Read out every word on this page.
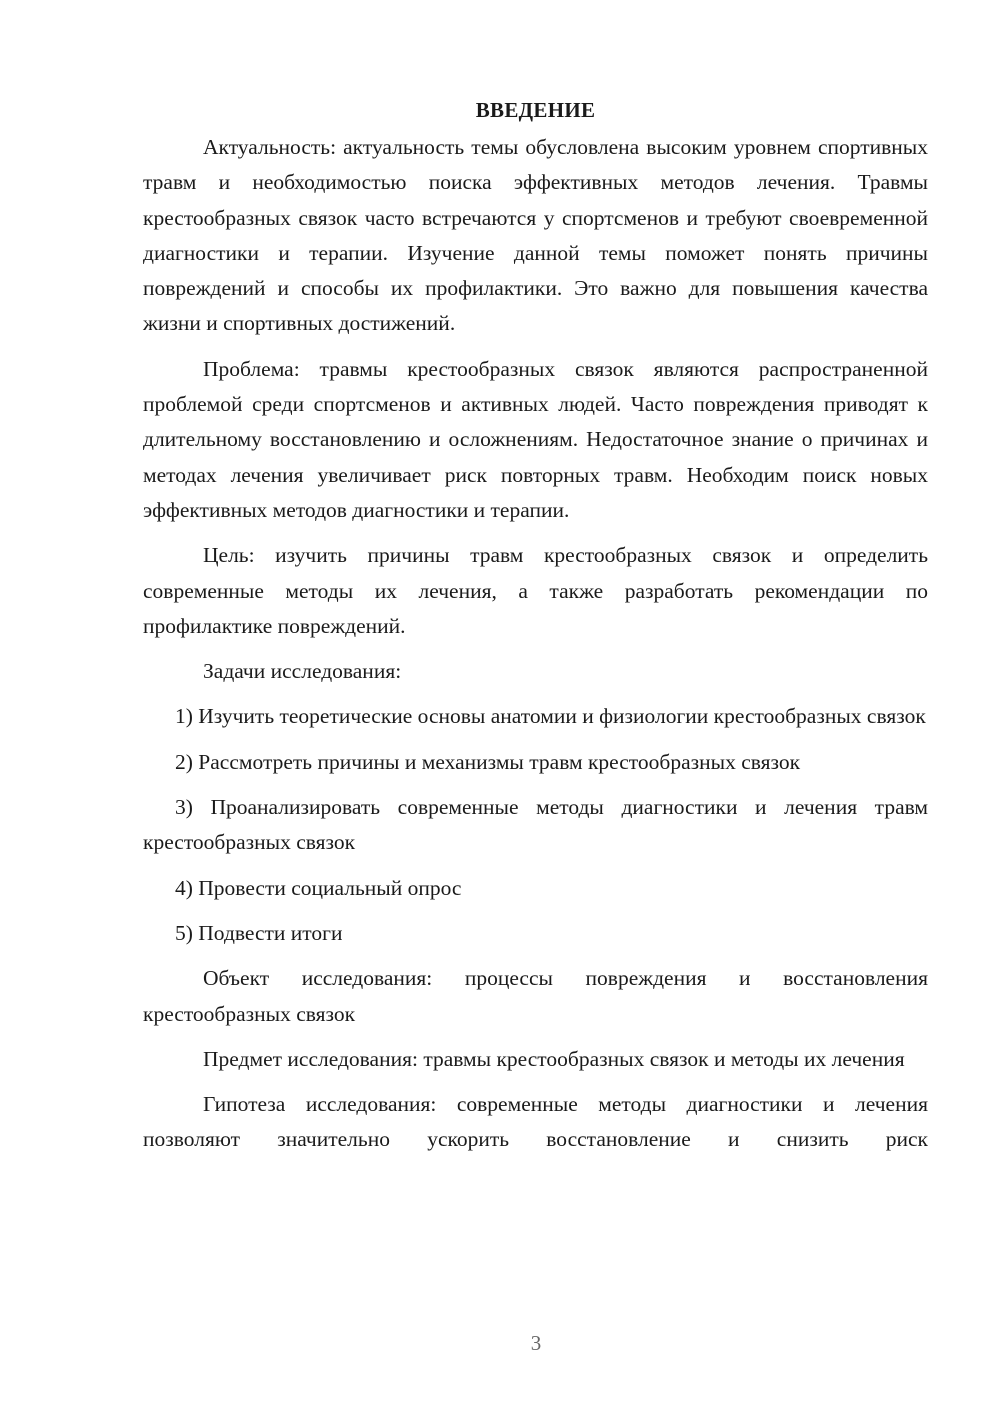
ВВЕДЕНИЕ

Актуальность: актуальность темы обусловлена высоким уровнем спортивных травм и необходимостью поиска эффективных методов лечения. Травмы крестообразных связок часто встречаются у спортсменов и требуют своевременной диагностики и терапии. Изучение данной темы поможет понять причины повреждений и способы их профилактики. Это важно для повышения качества жизни и спортивных достижений.

Проблема: травмы крестообразных связок являются распространенной проблемой среди спортсменов и активных людей. Часто повреждения приводят к длительному восстановлению и осложнениям. Недостаточное знание о причинах и методах лечения увеличивает риск повторных травм. Необходим поиск новых эффективных методов диагностики и терапии.

Цель: изучить причины травм крестообразных связок и определить современные методы их лечения, а также разработать рекомендации по профилактике повреждений.

Задачи исследования:

1) Изучить теоретические основы анатомии и физиологии крестообразных связок

2) Рассмотреть причины и механизмы травм крестообразных связок

3) Проанализировать современные методы диагностики и лечения травм крестообразных связок

4) Провести социальный опрос

5) Подвести итоги

Объект исследования: процессы повреждения и восстановления крестообразных связок

Предмет исследования: травмы крестообразных связок и методы их лечения

Гипотеза исследования: современные методы диагностики и лечения позволяют значительно ускорить восстановление и снизить риск

3
